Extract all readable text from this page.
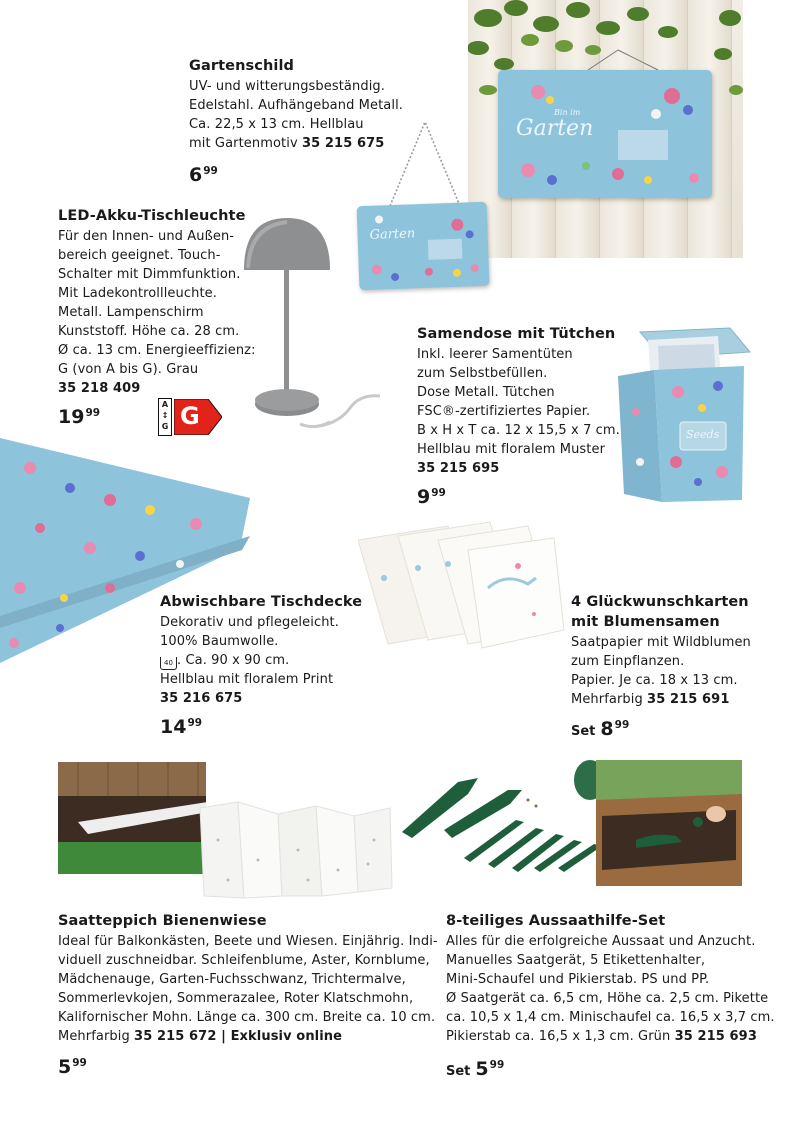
Bin im
Garten
Gartenschild
UV- und witterungsbeständig.
Edelstahl. Aufhängeband Metall.
Ca. 22,5 x 13 cm. Hellblau
mit Gartenmotiv 35 215 675
$6^{99}$
Garten
LED-Akku-Tischleuchte
Für den Innen- und Außen-
bereich geeignet. Touch-
Schalter mit Dimmfunktion.
Mit Ladekontrollleuchte.
Metall. Lampenschirm
Kunststoff. Höhe ca. 28 cm.
Ø ca. 13 cm. Energieeffizienz:
G (von A bis G). Grau
35 218 409
$19^{99}$
A
↕
G G
Samendose mit Tütchen
Inkl. leerer Samentüten
zum Selbstbefüllen.
Dose Metall. Tütchen
FSC®-zertifiziertes Papier.
B x H x T ca. 12 x 15,5 x 7 cm.
Hellblau mit floralem Muster
35 215 695
$9^{99}$
Seeds
Abwischbare Tischdecke
Dekorativ und pflegeleicht.
100% Baumwolle.
40 . Ca. 90 x 90 cm.
Hellblau mit floralem Print
35 216 675
$14^{99}$
4 Glückwunschkarten
mit Blumensamen
Saatpapier mit Wildblumen
zum Einpflanzen.
Papier. Je ca. 18 x 13 cm.
Mehrfarbig 35 215 691
Set $8^{99}$
Saatteppich Bienenwiese
Ideal für Balkonkästen, Beete und Wiesen. Einjährig. Indi-
viduell zuschneidbar. Schleifenblume, Aster, Kornblume,
Mädchenauge, Garten-Fuchsschwanz, Trichtermalve,
Sommerlevkojen, Sommerazalee, Roter Klatschmohn,
Kalifornischer Mohn. Länge ca. 300 cm. Breite ca. 10 cm.
Mehrfarbig 35 215 672 | Exklusiv online
$5^{99}$
8-teiliges Aussaathilfe-Set
Alles für die erfolgreiche Aussaat und Anzucht.
Manuelles Saatgerät, 5 Etikettenhalter,
Mini-Schaufel und Pikierstab. PS und PP.
Ø Saatgerät ca. 6,5 cm, Höhe ca. 2,5 cm. Pikette
ca. 10,5 x 1,4 cm. Minischaufel ca. 16,5 x 3,7 cm.
Pikierstab ca. 16,5 x 1,3 cm. Grün 35 215 693
Set $5^{99}$
